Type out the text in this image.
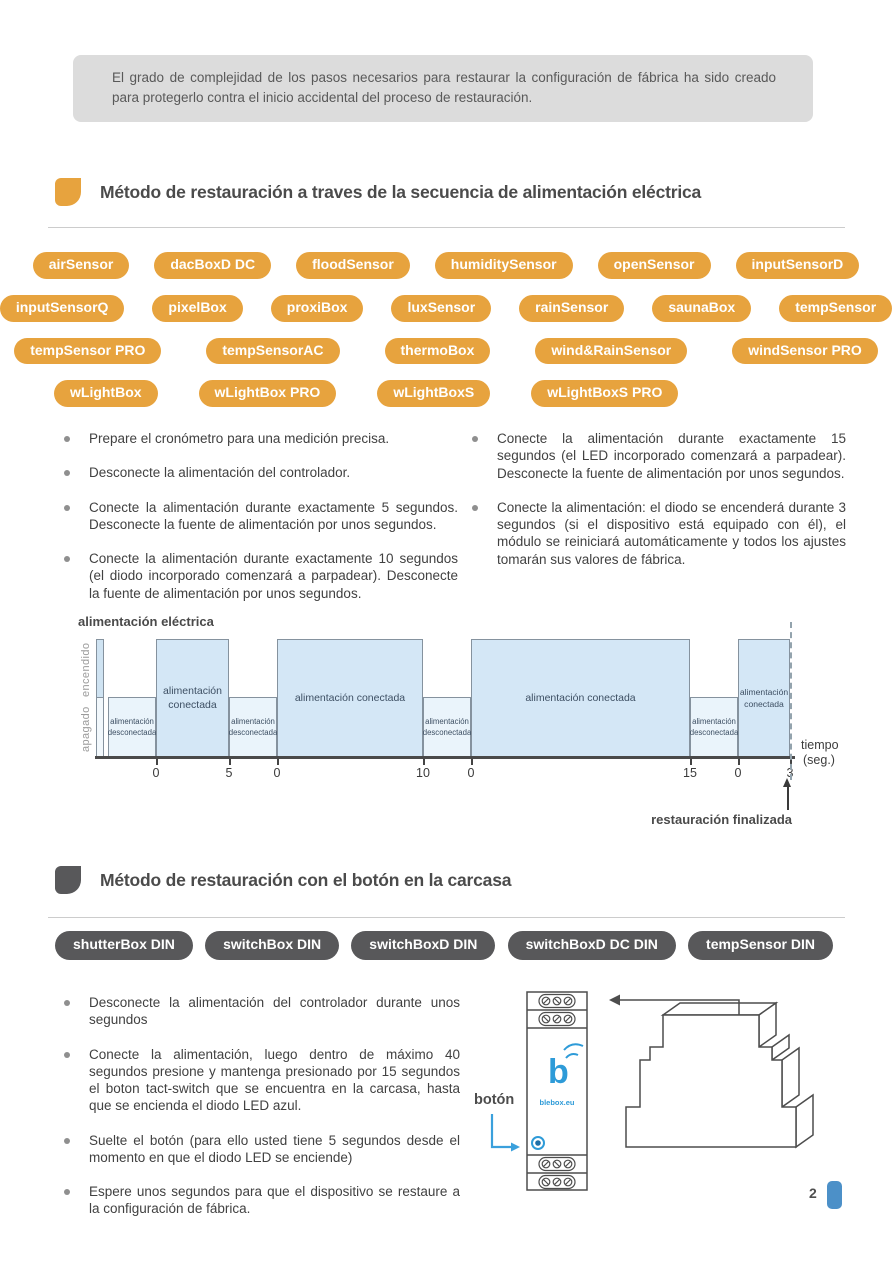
El grado de complejidad de los pasos necesarios para restaurar la configuración de fábrica ha sido creado para protegerlo contra el inicio accidental del proceso de restauración.
Método de restauración a traves de la secuencia de alimentación eléctrica
airSensor	dacBoxD DC	floodSensor	humiditySensor	openSensor	inputSensorD
inputSensorQ	pixelBox	proxiBox	luxSensor	rainSensor	saunaBox	tempSensor
tempSensor PRO	tempSensorAC	thermoBox	wind&RainSensor	windSensor PRO
wLightBox	wLightBox PRO	wLightBoxS	wLightBoxS PRO
Prepare el cronómetro para una medición precisa.
Desconecte la alimentación del controlador.
Conecte la alimentación durante exactamente 5 segundos. Desconecte la fuente de alimentación por unos segundos.
Conecte la alimentación durante exactamente 10 segundos (el diodo incorporado comenzará a parpadear). Desconecte la fuente de alimentación por unos segundos.
Conecte la alimentación durante exactamente 15 segundos (el LED incorporado comenzará a parpadear). Desconecte la fuente de alimentación por unos segundos.
Conecte la alimentación: el diodo se encenderá durante 3 segundos (si el dispositivo está equipado con él), el módulo se reiniciará automáticamente y todos los ajustes tomarán sus valores de fábrica.
alimentación eléctrica
encendido
apagado	alimentación desconectada
alimentación conectada
0	5
alimentación desconectada
alimentación conectada
0	10
alimentación desconectada
alimentación conectada
0	15
alimentación desconectada
alimentación conectada
0	3
tiempo
(seg.)
restauración finalizada
Método de restauración con el botón en la carcasa
shutterBox DIN	switchBox DIN	switchBoxD DIN	switchBoxD DC DIN	tempSensor DIN
Desconecte la alimentación del controlador durante unos segundos
Conecte la alimentación, luego dentro de máximo 40 segundos presione y mantenga presionado por 15 segundos el boton tact-switch que se encuentra en la carcasa, hasta que se encienda el diodo LED azul.
Suelte el botón (para ello usted tiene 5 segundos desde el momento en que el diodo LED se enciende)
Espere unos segundos para que el dispositivo se restaure a la configuración de fábrica.
b
blebox.eu
botón
2
